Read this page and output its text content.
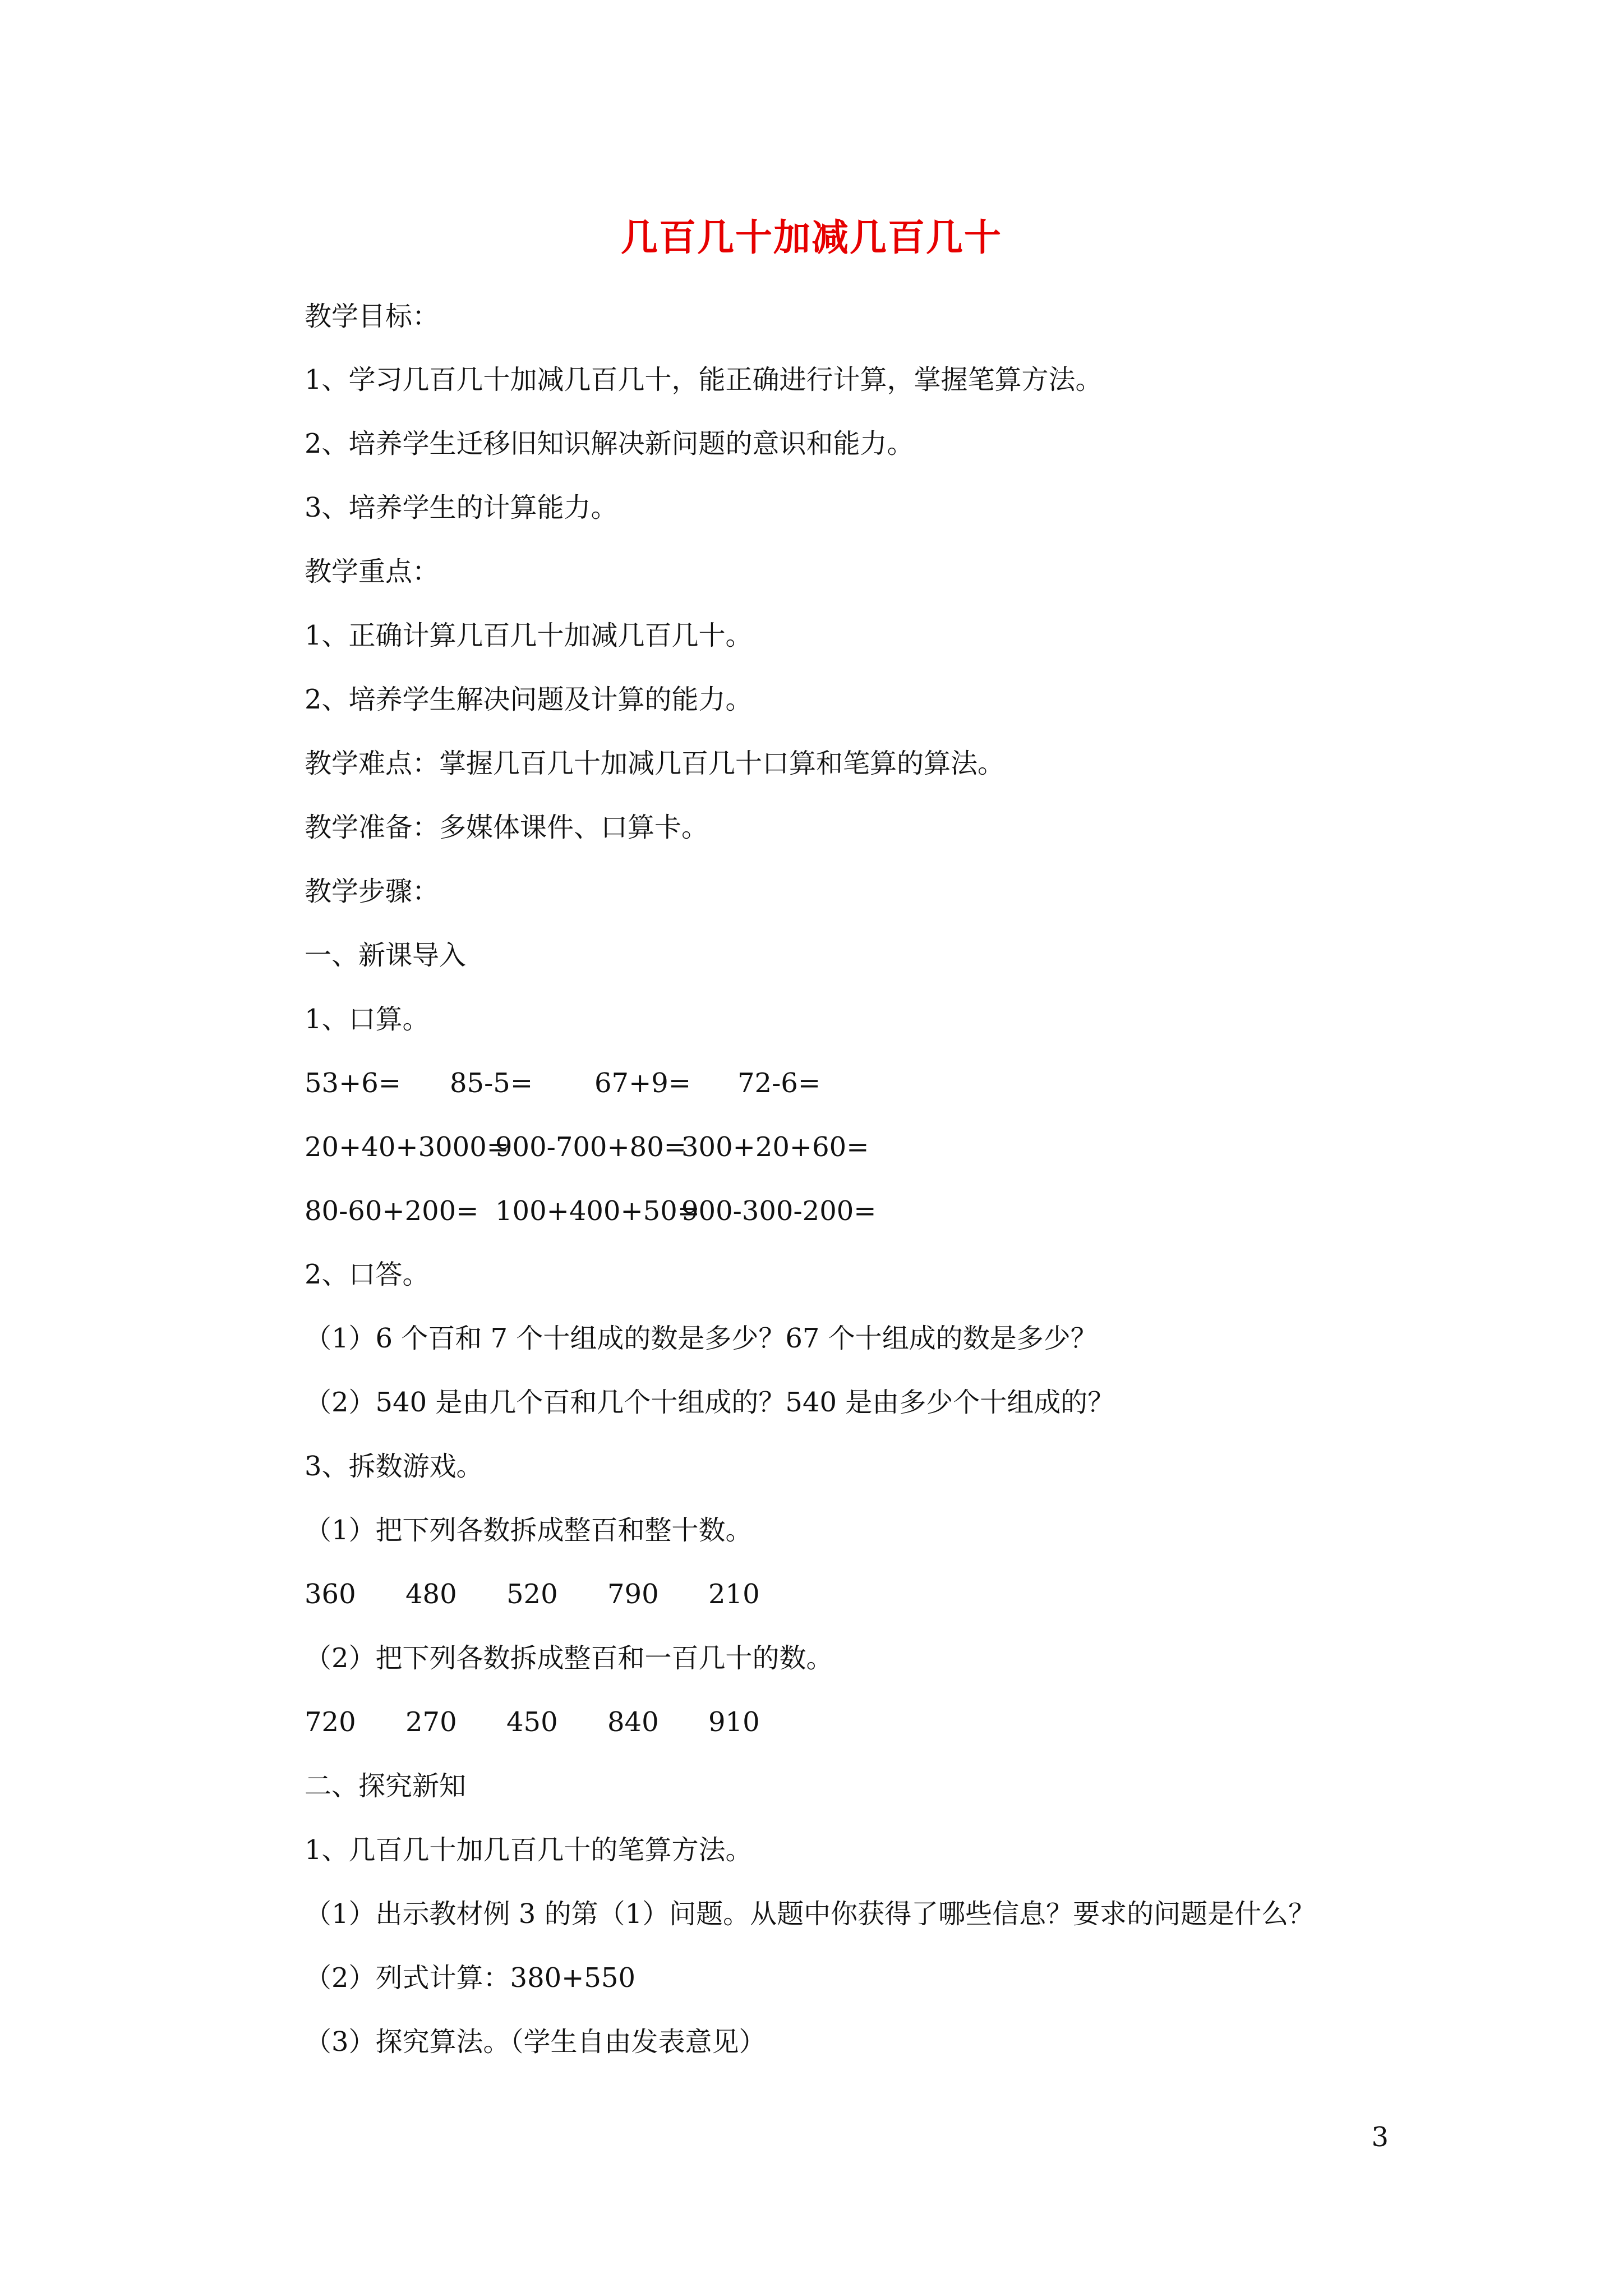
几百几十加减几百几十
教学目标：
1、学习几百几十加减几百几十，能正确进行计算，掌握笔算方法。
2、培养学生迁移旧知识解决新问题的意识和能力。
3、培养学生的计算能力。
教学重点：
1、正确计算几百几十加减几百几十。
2、培养学生解决问题及计算的能力。
教学难点：掌握几百几十加减几百几十口算和笔算的算法。
教学准备：多媒体课件、口算卡。
教学步骤：
一、新课导入
1、口算。
53+6= 85-5= 67+9= 72-6=
20+40+3000=
900-700+80=
300+20+60=
80-60+200= 100+400+50=
900-300-200=
2、口答。
（1）6 个百和 7 个十组成的数是多少？67 个十组成的数是多少？
（2）540 是由几个百和几个十组成的？540 是由多少个十组成的？
3、拆数游戏。
（1）把下列各数拆成整百和整十数。
360 480 520 790 210
（2）把下列各数拆成整百和一百几十的数。
720 270 450 840 910
二、探究新知
1、几百几十加几百几十的笔算方法。
（1）出示教材例 3 的第（1）问题。从题中你获得了哪些信息？要求的问题是什么？
（2）列式计算：380+550
（3）探究算法。（学生自由发表意见）
3
